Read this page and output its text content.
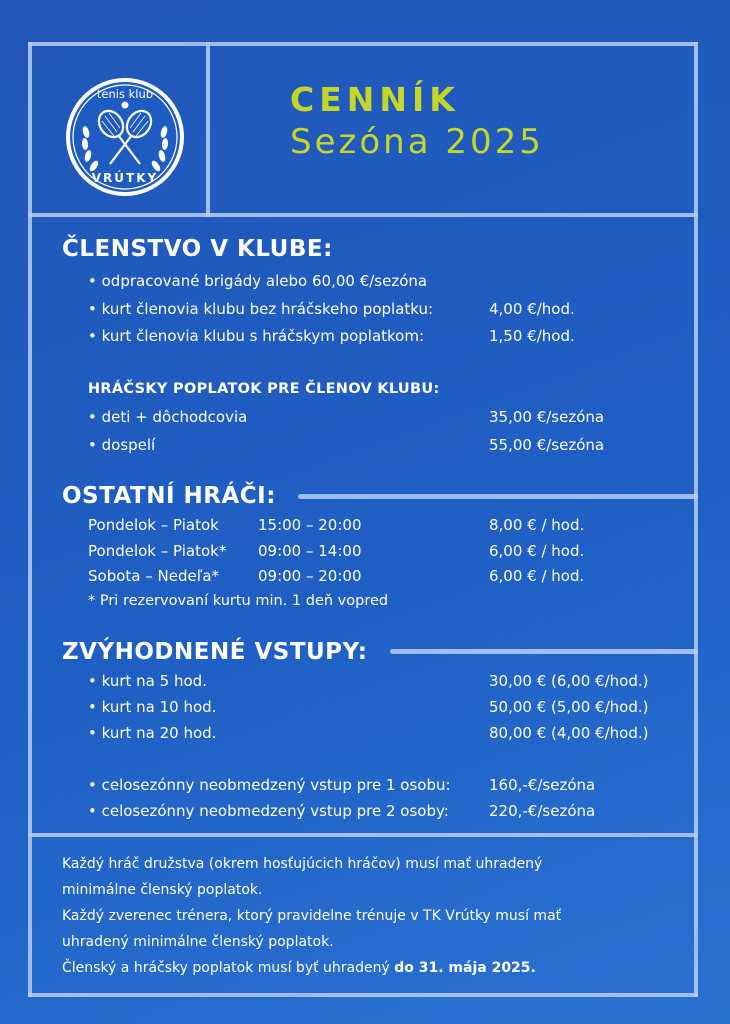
tenis klub
VRÚTKY
CENNÍK
Sezóna 2025
ČLENSTVO V KLUBE:
• odpracované brigády alebo 60,00 €/sezóna
• kurt členovia klubu bez hráčskeho poplatku:	4,00 €/hod.
• kurt členovia klubu s hráčskym poplatkom:	1,50 €/hod.
HRÁČSKY POPLATOK PRE ČLENOV KLUBU:
• deti + dôchodcovia	35,00 €/sezóna
• dospelí	55,00 €/sezóna
OSTATNÍ HRÁČI:
Pondelok – Piatok	15:00 – 20:00	8,00 € / hod.
Pondelok – Piatok* 09:00 – 14:00	6,00 € / hod.
Sobota – Nedeľa*	09:00 – 20:00	6,00 € / hod.
* Pri rezervovaní kurtu min. 1 deň vopred
ZVÝHODNENÉ VSTUPY:
• kurt na 5 hod.	30,00 € (6,00 €/hod.)
• kurt na 10 hod.	50,00 € (5,00 €/hod.)
• kurt na 20 hod.	80,00 € (4,00 €/hod.)
• celosezónny neobmedzený vstup pre 1 osobu:	160,-€/sezóna
• celosezónny neobmedzený vstup pre 2 osoby:	220,-€/sezóna
Každý hráč družstva (okrem hosťujúcich hráčov) musí mať uhradený
minimálne členský poplatok.
Každý zverenec trénera, ktorý pravidelne trénuje v TK Vrútky musí mať
uhradený minimálne členský poplatok.
Členský a hráčsky poplatok musí byť uhradený do 31. mája 2025.
